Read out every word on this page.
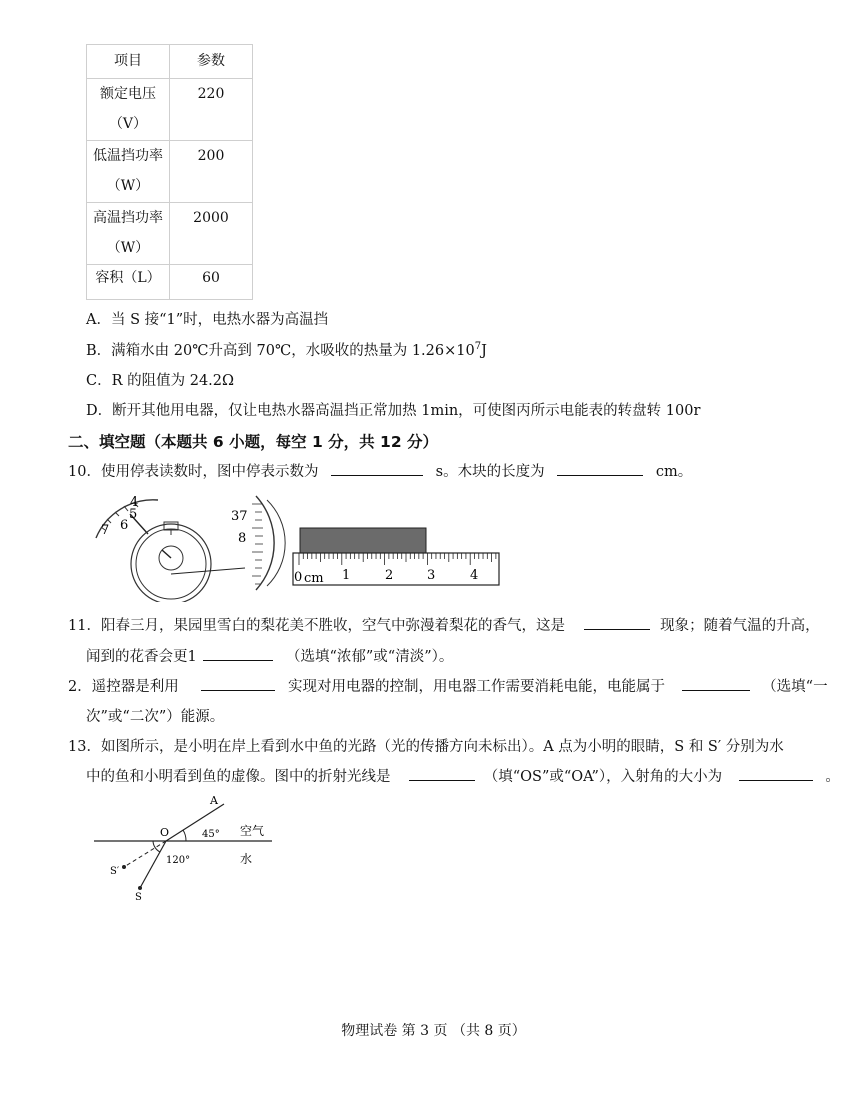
项目	参数
额定电压
（V）	220
低温挡功率
（W）	200
高温挡功率
（W）	2000
容积（L）	60
A．当 S 接“1”时，电热水器为高温挡
B．满箱水由 20℃升高到 70℃，水吸收的热量为 $1.26\times 10^7J$
C．R 的阻值为 24.2Ω
D．断开其他用电器，仅让电热水器高温挡正常加热 1min，可使图丙所示电能表的转盘转 100r
二、填空题（本题共 6 小题，每空 1 分，共 12 分）
10．使用停表读数时，图中停表示数为	s。木块的长度为	cm。
4
5
6
7
37
8
0 cm 1	2	3	4
11．阳春三月，果园里雪白的梨花美不胜收，空气中弥漫着梨花的香气，这是	现象；随着气温的升高，
闻到的花香会更1	（选填“浓郁”或“清淡”）。
2．遥控器是利用	实现对用电器的控制，用电器工作需要消耗电能，电能属于	（选填“一
次”或“二次”）能源。
13．如图所示，是小明在岸上看到水中鱼的光路（光的传播方向未标出）。A 点为小明的眼睛，S 和 S′ 分别为水
中的鱼和小明看到鱼的虚像。图中的折射光线是	（填“OS”或“OA”），入射角的大小为	。
A
O	45° 空气
120°	水
S′
S
物理试卷 第 3 页 （共 8 页）
